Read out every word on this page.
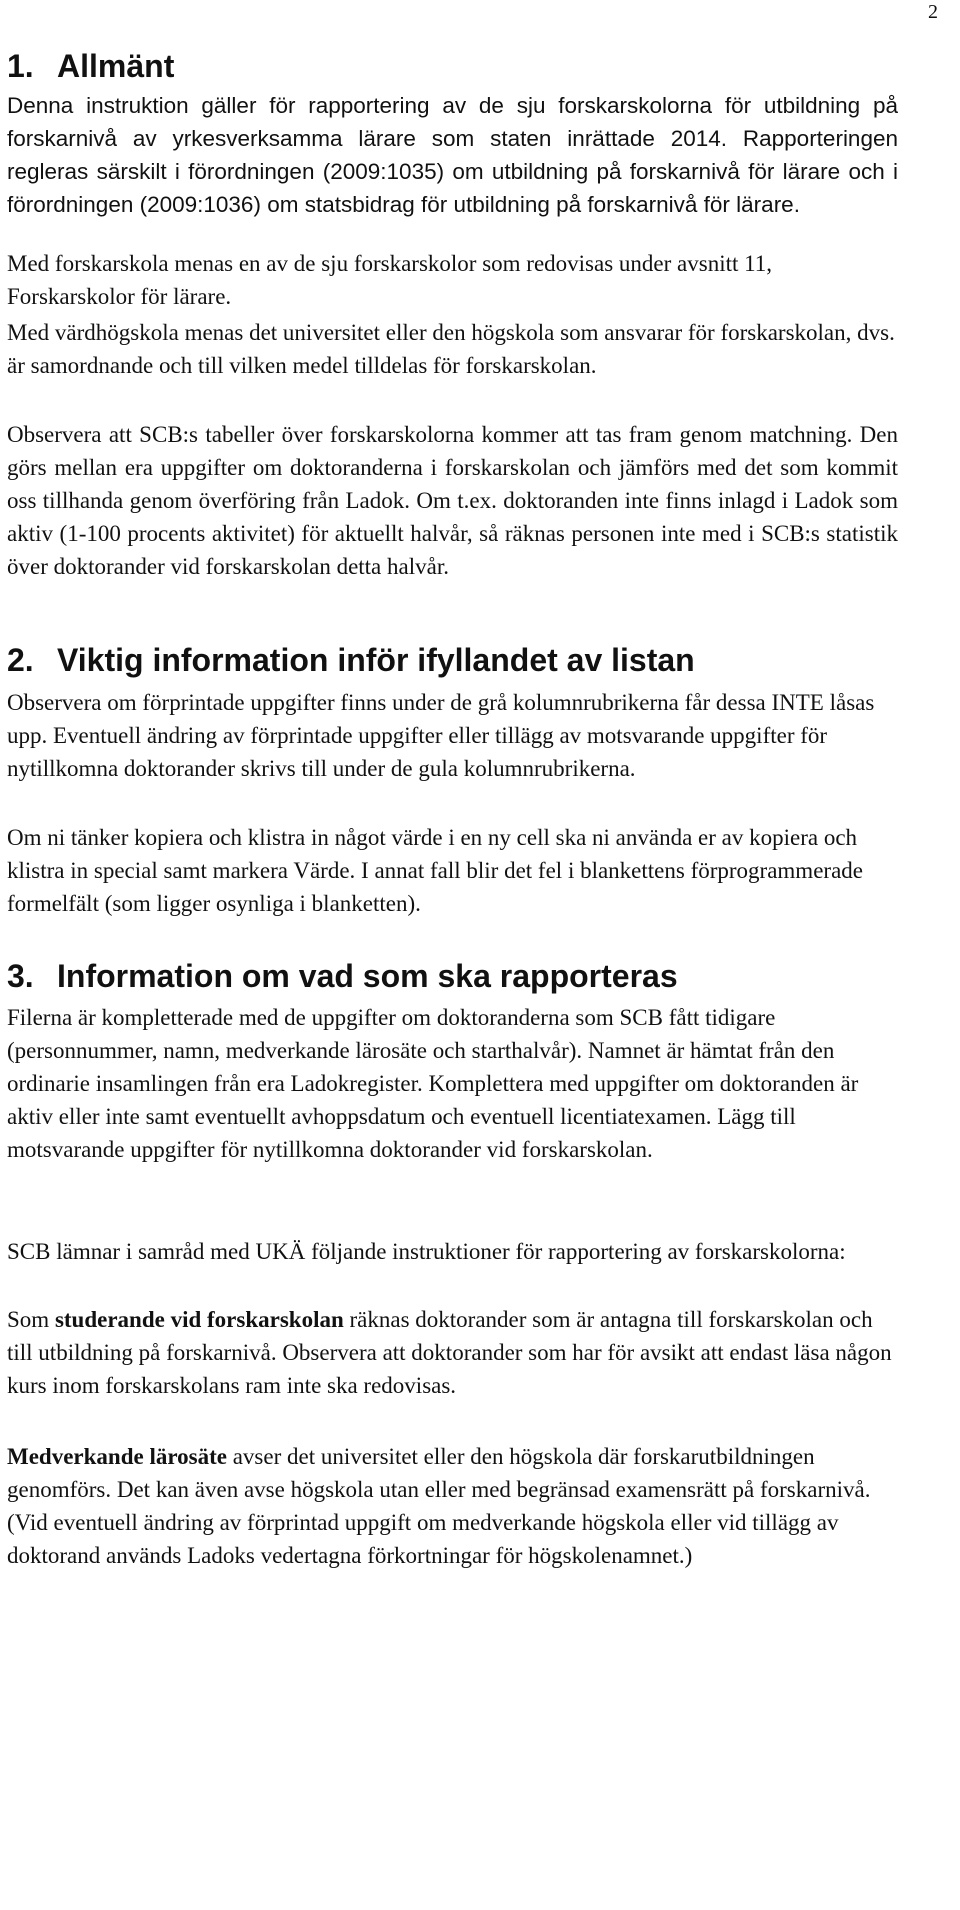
2
1. Allmänt

Denna instruktion gäller för rapportering av de sju forskarskolorna för utbildning på forskarnivå av yrkesverksamma lärare som staten inrättade 2014. Rapporteringen regleras särskilt i förordningen (2009:1035) om utbildning på forskarnivå för lärare och i förordningen (2009:1036) om statsbidrag för utbildning på forskarnivå för lärare.

Med forskarskola menas en av de sju forskarskolor som redovisas under avsnitt 11, Forskarskolor för lärare.

Med värdhögskola menas det universitet eller den högskola som ansvarar för forskarskolan, dvs. är samordnande och till vilken medel tilldelas för forskarskolan.

Observera att SCB:s tabeller över forskarskolorna kommer att tas fram genom matchning. Den görs mellan era uppgifter om doktoranderna i forskarskolan och jämförs med det som kommit oss tillhanda genom överföring från Ladok. Om t.ex. doktoranden inte finns inlagd i Ladok som aktiv (1-100 procents aktivitet) för aktuellt halvår, så räknas personen inte med i SCB:s statistik över doktorander vid forskarskolan detta halvår.

2. Viktig information inför ifyllandet av listan

Observera om förprintade uppgifter finns under de grå kolumnrubrikerna får dessa INTE låsas upp. Eventuell ändring av förprintade uppgifter eller tillägg av motsvarande uppgifter för nytillkomna doktorander skrivs till under de gula kolumnrubrikerna.

Om ni tänker kopiera och klistra in något värde i en ny cell ska ni använda er av kopiera och klistra in special samt markera Värde. I annat fall blir det fel i blankettens förprogrammerade formelfält (som ligger osynliga i blanketten).

3. Information om vad som ska rapporteras

Filerna är kompletterade med de uppgifter om doktoranderna som SCB fått tidigare (personnummer, namn, medverkande lärosäte och starthalvår). Namnet är hämtat från den ordinarie insamlingen från era Ladokregister. Komplettera med uppgifter om doktoranden är aktiv eller inte samt eventuellt avhoppsdatum och eventuell licentiatexamen. Lägg till motsvarande uppgifter för nytillkomna doktorander vid forskarskolan.

SCB lämnar i samråd med UKÄ följande instruktioner för rapportering av forskarskolorna:

Som studerande vid forskarskolan räknas doktorander som är antagna till forskarskolan och till utbildning på forskarnivå. Observera att doktorander som har för avsikt att endast läsa någon kurs inom forskarskolans ram inte ska redovisas.

Medverkande lärosäte avser det universitet eller den högskola där forskarutbildningen genomförs. Det kan även avse högskola utan eller med begränsad examensrätt på forskarnivå. (Vid eventuell ändring av förprintad uppgift om medverkande högskola eller vid tillägg av doktorand används Ladoks vedertagna förkortningar för högskolenamnet.)
